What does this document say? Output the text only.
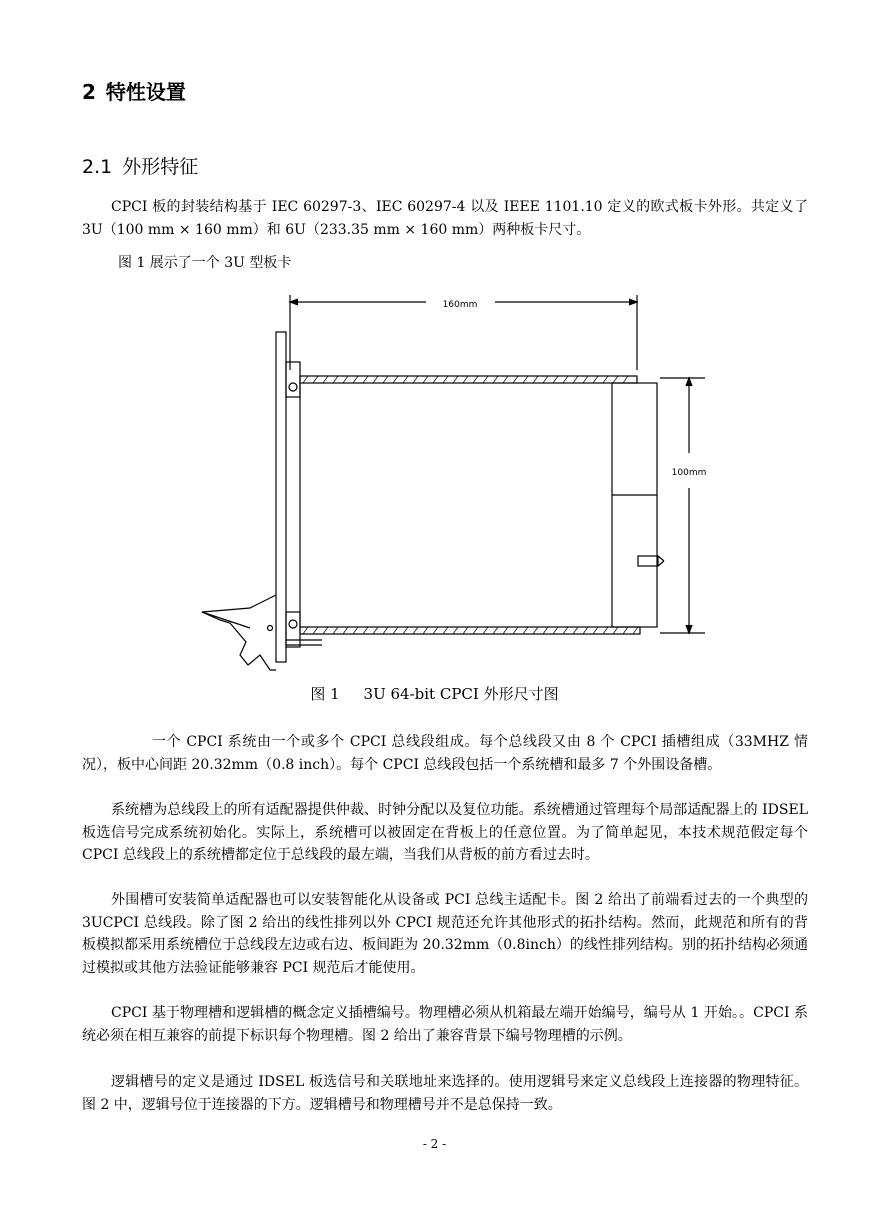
2 特性设置
2.1 外形特征

CPCI 板的封装结构基于 IEC 60297-3、IEC 60297-4 以及 IEEE 1101.10 定义的欧式板卡外形。共定义了 3U（100 mm × 160 mm）和 6U（233.35 mm × 160 mm）两种板卡尺寸。

图 1 展示了一个 3U 型板卡

160mm
100mm
图 1     3U 64-bit CPCI 外形尺寸图

一个 CPCI 系统由一个或多个 CPCI 总线段组成。每个总线段又由 8 个 CPCI 插槽组成（33MHZ 情况），板中心间距 20.32mm（0.8 inch）。每个 CPCI 总线段包括一个系统槽和最多 7 个外围设备槽。

系统槽为总线段上的所有适配器提供仲裁、时钟分配以及复位功能。系统槽通过管理每个局部适配器上的 IDSEL 板选信号完成系统初始化。实际上，系统槽可以被固定在背板上的任意位置。为了简单起见，本技术规范假定每个 CPCI 总线段上的系统槽都定位于总线段的最左端，当我们从背板的前方看过去时。

外围槽可安装简单适配器也可以安装智能化从设备或 PCI 总线主适配卡。图 2 给出了前端看过去的一个典型的 3UCPCI 总线段。除了图 2 给出的线性排列以外 CPCI 规范还允许其他形式的拓扑结构。然而，此规范和所有的背板模拟都采用系统槽位于总线段左边或右边、板间距为 20.32mm（0.8inch）的线性排列结构。别的拓扑结构必须通过模拟或其他方法验证能够兼容 PCI 规范后才能使用。

CPCI 基于物理槽和逻辑槽的概念定义插槽编号。物理槽必须从机箱最左端开始编号，编号从 1 开始。。CPCI 系统必须在相互兼容的前提下标识每个物理槽。图 2 给出了兼容背景下编号物理槽的示例。

逻辑槽号的定义是通过 IDSEL 板选信号和关联地址来选择的。使用逻辑号来定义总线段上连接器的物理特征。图 2 中，逻辑号位于连接器的下方。逻辑槽号和物理槽号并不是总保持一致。

- 2 -
